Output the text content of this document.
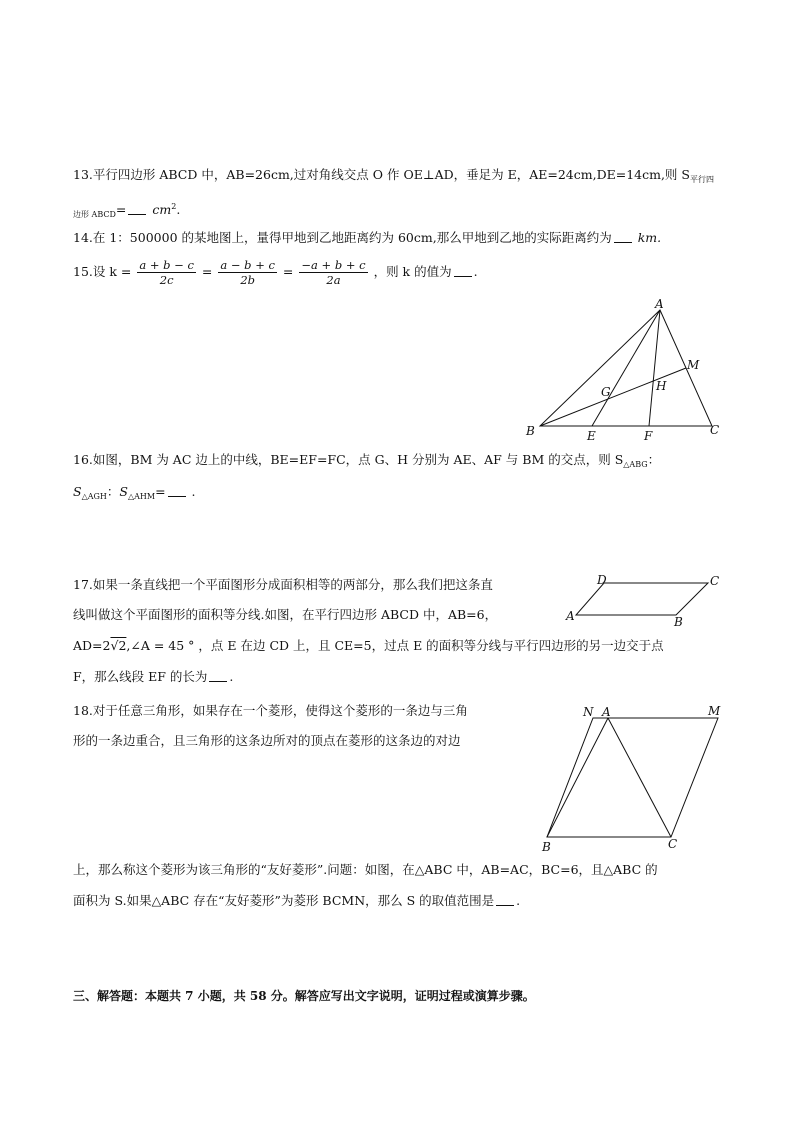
13.平行四边形 ABCD 中，AB=26cm,过对角线交点 O 作 OE⊥AD，垂足为 E，AE=24cm,DE=14cm,则 $S_{平行四}$
$_{边形 ABCD}= cm^2$.
14.在 1：500000 的某地图上，量得甲地到乙地距离约为 60cm,那么甲地到乙地的实际距离约为 km.
15.设 $k = \frac{a + b - c}{2c} = \frac{a - b + c}{2b} = \frac{-a + b + c}{2a}$ ，则 k 的值为 .
A
M
G	H
B	E	F	C
16.如图，BM 为 AC 边上的中线，BE=EF=FC，点 G、H 分别为 AE、AF 与 BM 的交点，则 $S_{\triangle ABG}$：
$S_{\triangle AGH}$：$S_{\triangle AHM}=$ .
17.如果一条直线把一个平面图形分成面积相等的两部分，那么我们把这条直
线叫做这个平面图形的面积等分线.如图，在平行四边形 ABCD 中，AB=6，
AD=2√2,∠A = 45 ° ，点 E 在边 CD 上，且 CE=5，过点 E 的面积等分线与平行四边形的另一边交于点
F，那么线段 EF 的长为 .
D	C
A	B
18.对于任意三角形，如果存在一个菱形，使得这个菱形的一条边与三角
形的一条边重合，且三角形的这条边所对的顶点在菱形的这条边的对边
N A	M
B	C
上，那么称这个菱形为该三角形的“友好菱形”.问题：如图，在△ABC 中，AB=AC，BC=6，且△ABC 的
面积为 S.如果△ABC 存在“友好菱形”为菱形 BCMN，那么 S 的取值范围是 .
三、解答题：本题共 7 小题，共 58 分。解答应写出文字说明，证明过程或演算步骤。
